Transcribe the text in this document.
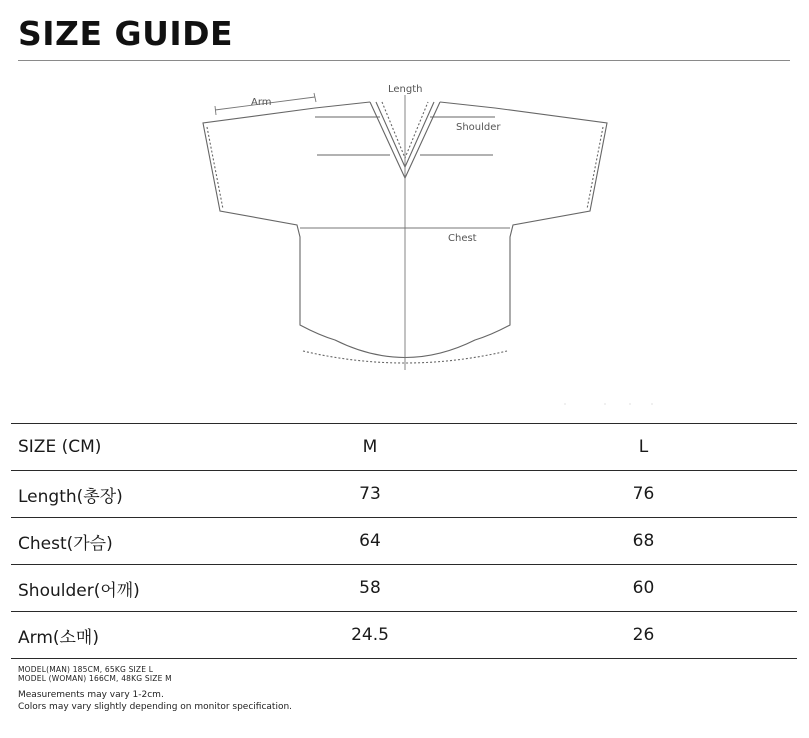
SIZE GUIDE
Length
Arm
Shoulder
Chest
SIZE (CM)	M	L
Length(총장)	73	76
Chest(가슴)	64	68
Shoulder(어깨)	58	60
Arm(소매)	24.5	26
MODEL(MAN) 185CM, 65KG SIZE L
MODEL (WOMAN) 166CM, 48KG SIZE M
Measurements may vary 1-2cm.
Colors may vary slightly depending on monitor specification.
